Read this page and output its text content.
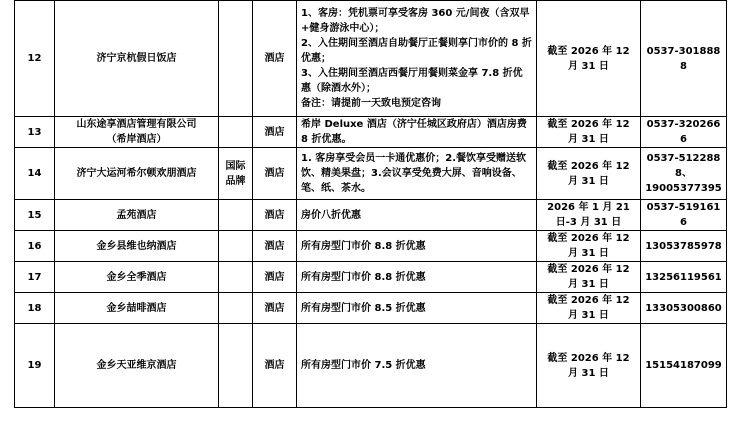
12	济宁京杭假日饭店		酒店	1、客房：凭机票可享受客房 360 元/间夜（含双早+健身游泳中心）；
2、入住期间至酒店自助餐厅正餐则享门市价的 8 折优惠；
3、入住期间至酒店西餐厅用餐则菜金享 7.8 折优惠（除酒水外）；
备注：请提前一天致电预定咨询	截至 2026 年 12
月 31 日	0537-3018888

13	山东途享酒店管理有限公司
（希岸酒店）		酒店	希岸 Deluxe 酒店（济宁任城区政府店）酒店房费 8 折优惠。	截至 2026 年 12
月 31 日	0537-3202666

14	济宁大运河希尔顿欢朋酒店	国际
品牌	酒店	1. 客房享受会员一卡通优惠价；2.餐饮享受赠送软饮、精美果盘；3.会议享受免费大屏、音响设备、笔、纸、茶水。	截至 2026 年 12
月 31 日	0537-5122888、
19005377395

15	孟苑酒店		酒店	房价八折优惠	2026 年 1 月 21
日-3 月 31 日	0537-5191616

16	金乡县维也纳酒店		酒店	所有房型门市价 8.8 折优惠	截至 2026 年 12
月 31 日	13053785978

17	金乡全季酒店		酒店	所有房型门市价 8.8 折优惠	截至 2026 年 12
月 31 日	13256119561

18	金乡喆啡酒店		酒店	所有房型门市价 8.5 折优惠	截至 2026 年 12
月 31 日	13305300860

19	金乡天亚维京酒店		酒店	所有房型门市价 7.5 折优惠	截至 2026 年 12
月 31 日	15154187099
